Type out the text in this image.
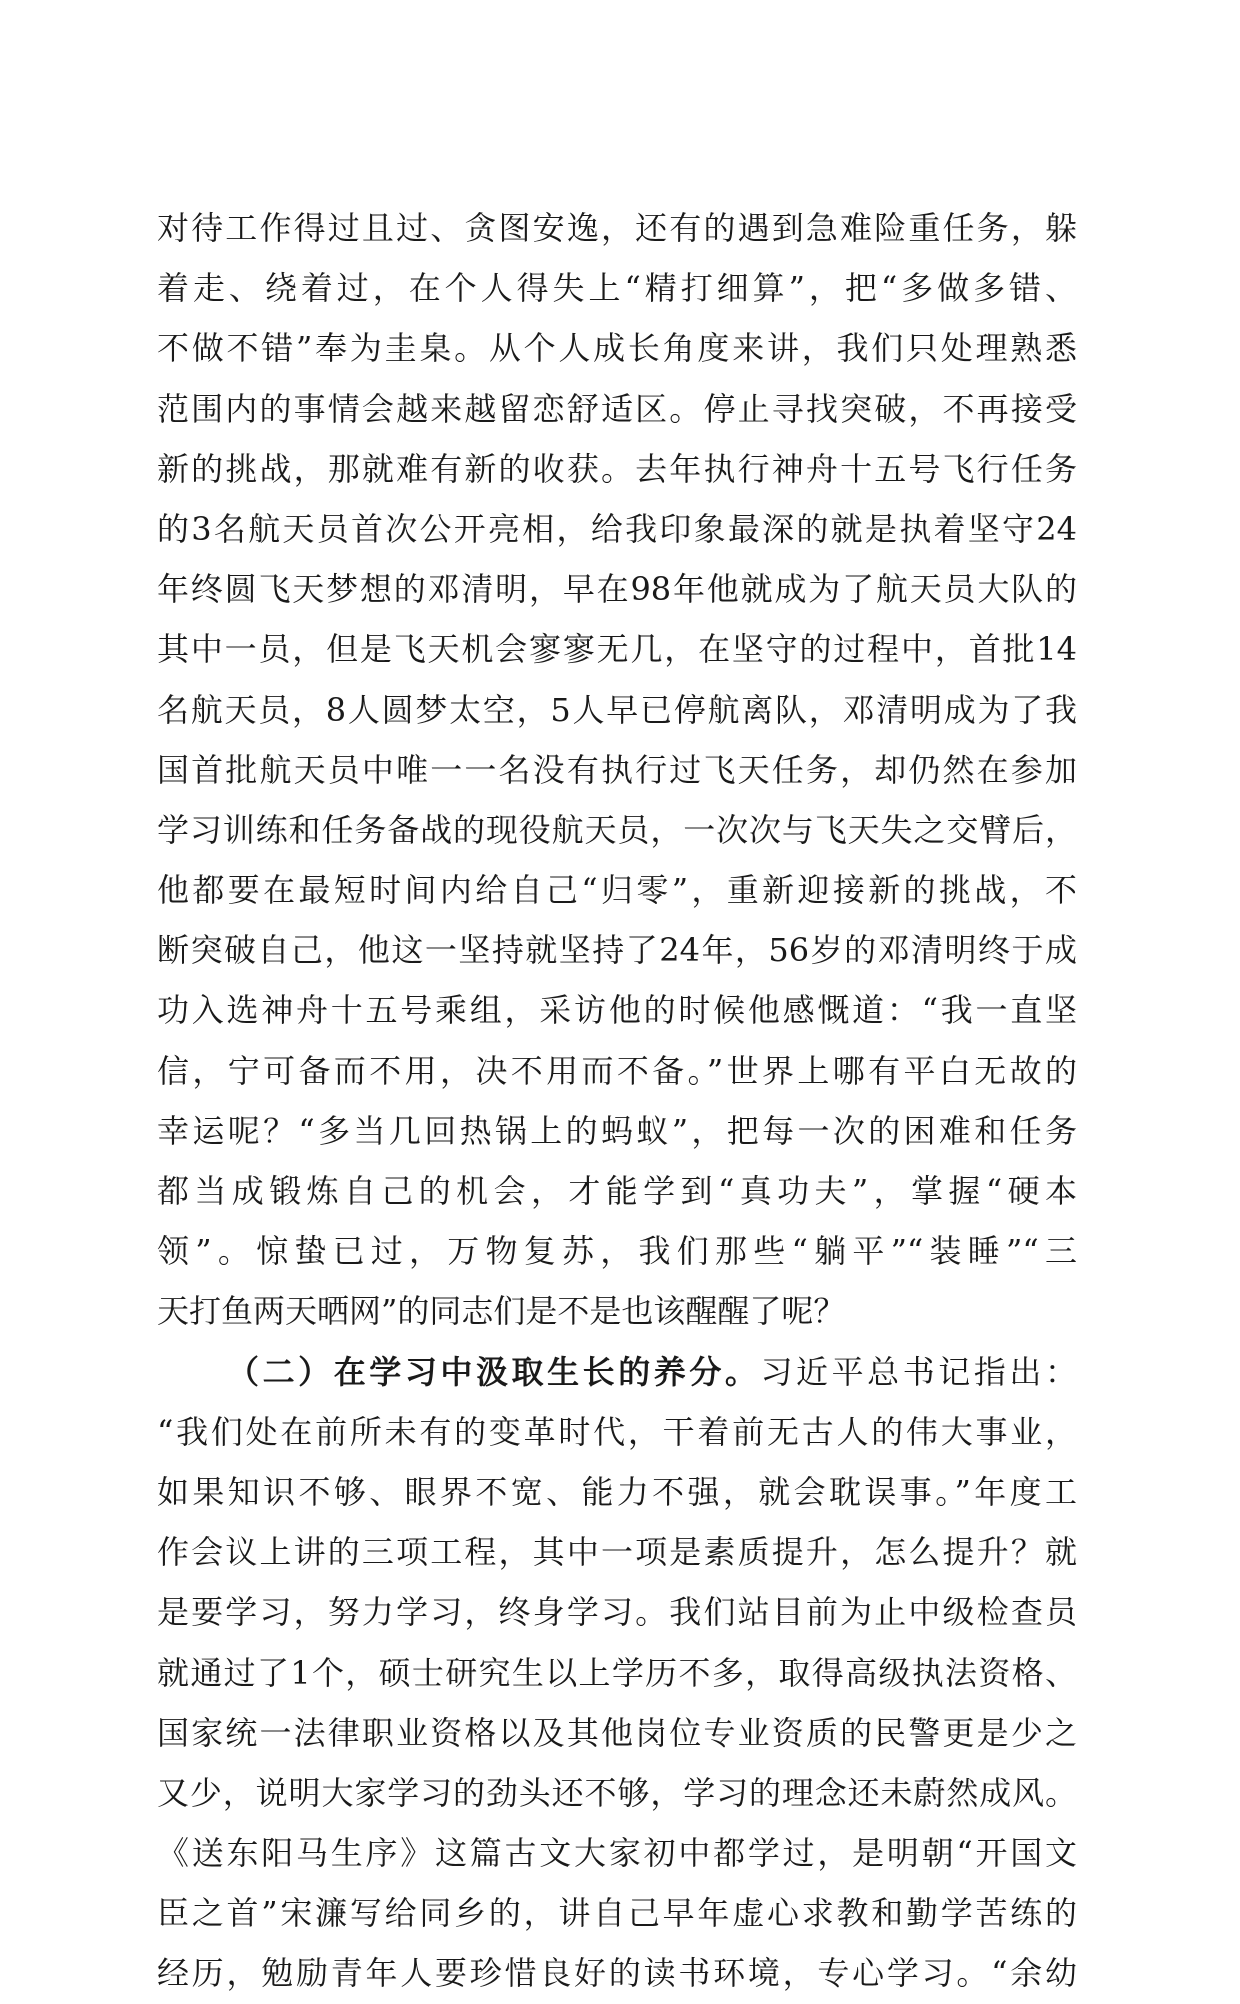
对待工作得过且过、贪图安逸，还有的遇到急难险重任务，躲
着走、绕着过，在个人得失上“精打细算”，把“多做多错、
不做不错”奉为圭臬。从个人成长角度来讲，我们只处理熟悉
范围内的事情会越来越留恋舒适区。停止寻找突破，不再接受
新的挑战，那就难有新的收获。去年执行神舟十五号飞行任务
的3名航天员首次公开亮相，给我印象最深的就是执着坚守24
年终圆飞天梦想的邓清明，早在98年他就成为了航天员大队的
其中一员，但是飞天机会寥寥无几，在坚守的过程中，首批14
名航天员，8人圆梦太空，5人早已停航离队，邓清明成为了我
国首批航天员中唯一一名没有执行过飞天任务，却仍然在参加
学习训练和任务备战的现役航天员，一次次与飞天失之交臂后，
他都要在最短时间内给自己“归零”，重新迎接新的挑战，不
断突破自己，他这一坚持就坚持了24年，56岁的邓清明终于成
功入选神舟十五号乘组，采访他的时候他感慨道：“我一直坚
信，宁可备而不用，决不用而不备。”世界上哪有平白无故的
幸运呢？“多当几回热锅上的蚂蚁”，把每一次的困难和任务
都当成锻炼自己的机会，才能学到“真功夫”，掌握“硬本
领”。惊蛰已过，万物复苏，我们那些“躺平”“装睡”“三
天打鱼两天晒网”的同志们是不是也该醒醒了呢？
（二）在学习中汲取生长的养分。习近平总书记指出：
“我们处在前所未有的变革时代，干着前无古人的伟大事业，
如果知识不够、眼界不宽、能力不强，就会耽误事。”年度工
作会议上讲的三项工程，其中一项是素质提升，怎么提升？就
是要学习，努力学习，终身学习。我们站目前为止中级检查员
就通过了1个，硕士研究生以上学历不多，取得高级执法资格、
国家统一法律职业资格以及其他岗位专业资质的民警更是少之
又少，说明大家学习的劲头还不够，学习的理念还未蔚然成风。
《送东阳马生序》这篇古文大家初中都学过，是明朝“开国文
臣之首”宋濂写给同乡的，讲自己早年虚心求教和勤学苦练的
经历，勉励青年人要珍惜良好的读书环境，专心学习。“余幼
